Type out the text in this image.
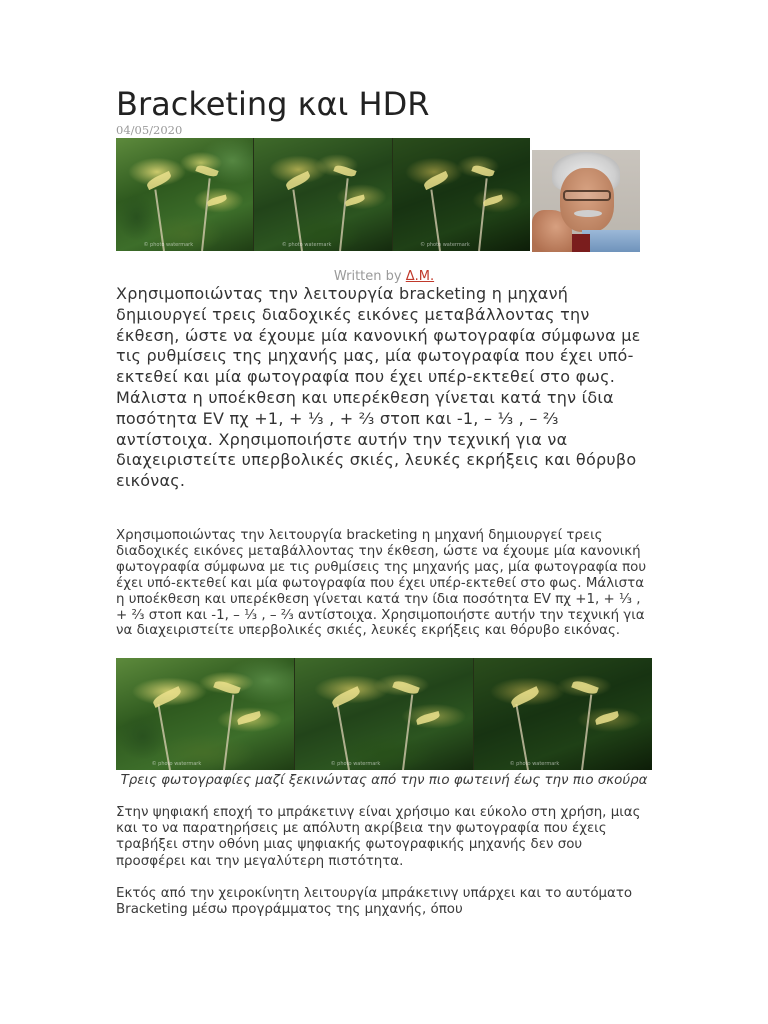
Bracketing και HDR
04/05/2020
© photo watermark	© photo watermark	© photo watermark
Written by Δ.Μ.

Χρησιμοποιώντας την λειτουργία bracketing η μηχανή δημιουργεί τρεις διαδοχικές εικόνες μεταβάλλοντας την έκθεση, ώστε να έχουμε μία κανονική φωτογραφία σύμφωνα με τις ρυθμίσεις της μηχανής μας, μία φωτογραφία που έχει υπό-εκτεθεί και μία φωτογραφία που έχει υπέρ-εκτεθεί στο φως. Μάλιστα η υποέκθεση και υπερέκθεση γίνεται κατά την ίδια ποσότητα EV πχ +1, + ⅓ , + ⅔ στοπ και -1, – ⅓ , – ⅔ αντίστοιχα. Χρησιμοποιήστε αυτήν την τεχνική για να διαχειριστείτε υπερβολικές σκιές, λευκές εκρήξεις και θόρυβο εικόνας.

Χρησιμοποιώντας την λειτουργία bracketing η μηχανή δημιουργεί τρεις διαδοχικές εικόνες μεταβάλλοντας την έκθεση, ώστε να έχουμε μία κανονική φωτογραφία σύμφωνα με τις ρυθμίσεις της μηχανής μας, μία φωτογραφία που έχει υπό-εκτεθεί και μία φωτογραφία που έχει υπέρ-εκτεθεί στο φως. Μάλιστα η υποέκθεση και υπερέκθεση γίνεται κατά την ίδια ποσότητα EV πχ +1, + ⅓ , + ⅔ στοπ και -1, – ⅓ , – ⅔ αντίστοιχα. Χρησιμοποιήστε αυτήν την τεχνική για να διαχειριστείτε υπερβολικές σκιές, λευκές εκρήξεις και θόρυβο εικόνας.

© photo watermark	© photo watermark	© photo watermark

Τρεις φωτογραφίες μαζί ξεκινώντας από την πιο φωτεινή έως την πιο σκούρα

Στην ψηφιακή εποχή το μπράκετινγ είναι χρήσιμο και εύκολο στη χρήση, μιας και το να παρατηρήσεις με απόλυτη ακρίβεια την φωτογραφία που έχεις τραβήξει στην οθόνη μιας ψηφιακής φωτογραφικής μηχανής δεν σου προσφέρει και την μεγαλύτερη πιστότητα.

Εκτός από την χειροκίνητη λειτουργία μπράκετινγ υπάρχει και το αυτόματο Bracketing μέσω προγράμματος της μηχανής, όπου
